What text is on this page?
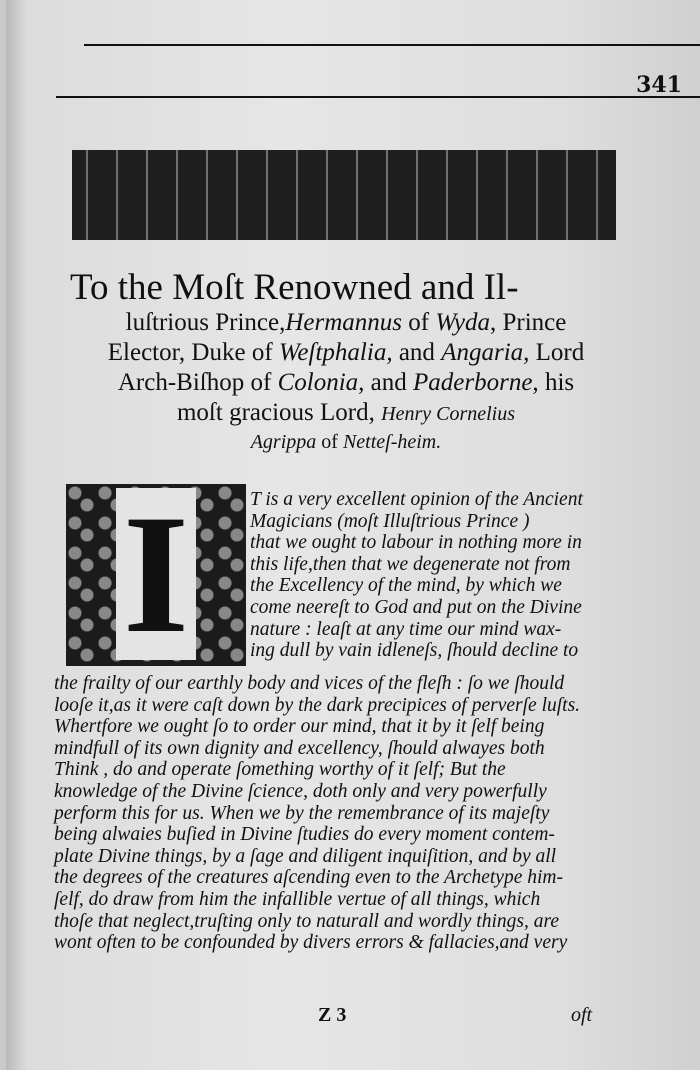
341
To the Moſt Renowned and Il-
luſtrious Prince,Hermannus of Wyda, Prince
Elector, Duke of Weſtphalia, and Angaria, Lord
Arch-Biſhop of Colonia, and Paderborne, his
moſt gracious Lord, Henry Cornelius
Agrippa of Netteſ-heim.
I	T is a very excellent opinion of the Ancient
Magicians (moſt Illuſtrious Prince )
that we ought to labour in nothing more in
this life,then that we degenerate not from
the Excellency of the mind, by which we
come neereſt to God and put on the Divine
nature : leaſt at any time our mind wax-
ing dull by vain idleneſs, ſhould decline to
the frailty of our earthly body and vices of the fleſh : ſo we ſhould
looſe it,as it were caſt down by the dark precipices of perverſe luſts.
Whertfore we ought ſo to order our mind, that it by it ſelf being
mindfull of its own dignity and excellency, ſhould alwayes both
Think , do and operate ſomething worthy of it ſelf; But the
knowledge of the Divine ſcience, doth only and very powerfully
perform this for us. When we by the remembrance of its majeſty
being alwaies buſied in Divine ſtudies do every moment contem-
plate Divine things, by a ſage and diligent inquiſition, and by all
the degrees of the creatures aſcending even to the Archetype him-
ſelf, do draw from him the infallible vertue of all things, which
thoſe that neglect,truſting only to naturall and wordly things, are
wont often to be confounded by divers errors & fallacies,and very
Z 3	oft
